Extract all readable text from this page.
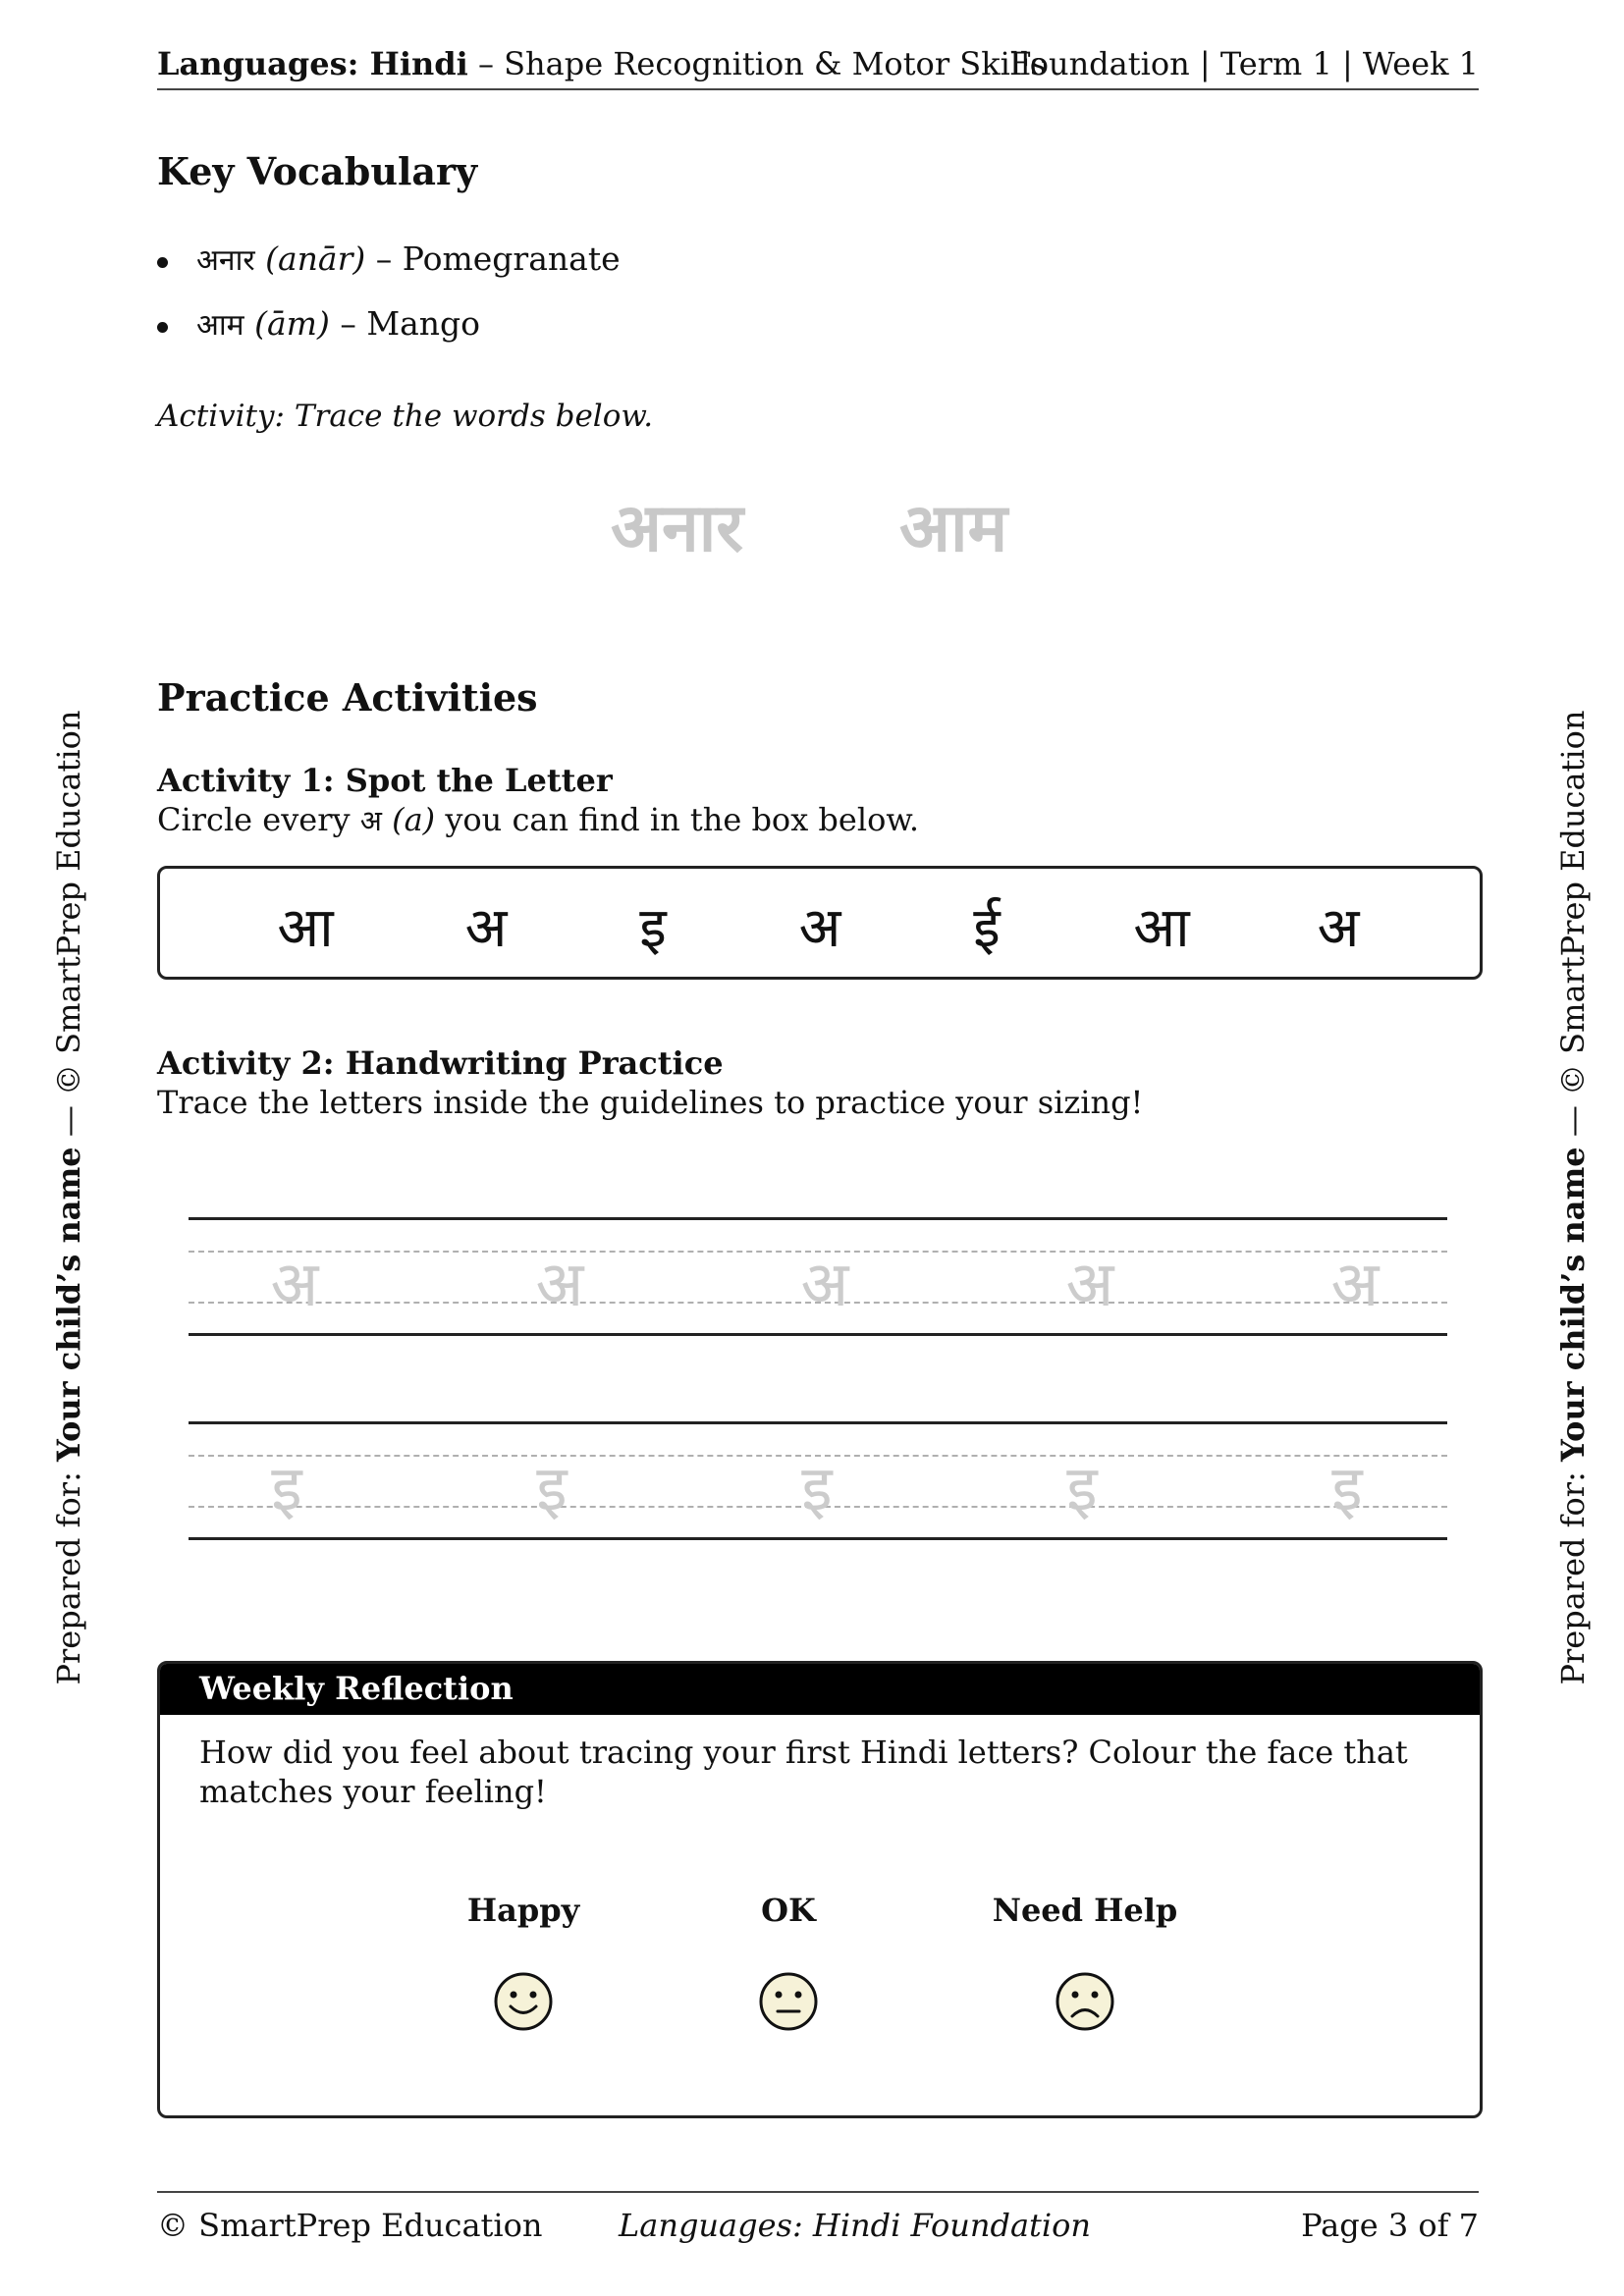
Languages: Hindi – Shape Recognition & Motor Skills
Foundation | Term 1 | Week 1
Prepared for: Your child’s name — © SmartPrep Education
Prepared for: Your child’s name — © SmartPrep Education
Key Vocabulary
अनार (anār) – Pomegranate
आम (ām) – Mango
Activity: Trace the words below.
अनार आम
Practice Activities
Activity 1: Spot the Letter
Circle every अ (a) you can find in the box below.
आ अ इ अ ई आ अ
Activity 2: Handwriting Practice
Trace the letters inside the guidelines to practice your sizing!
अ	अ	अ	अ	अ
इ	इ	इ	इ	इ
Weekly Reflection
How did you feel about tracing your first Hindi letters? Colour the face that matches your feeling!
Happy	OK	Need Help
© SmartPrep Education Languages: Hindi Foundation	Page 3 of 7
